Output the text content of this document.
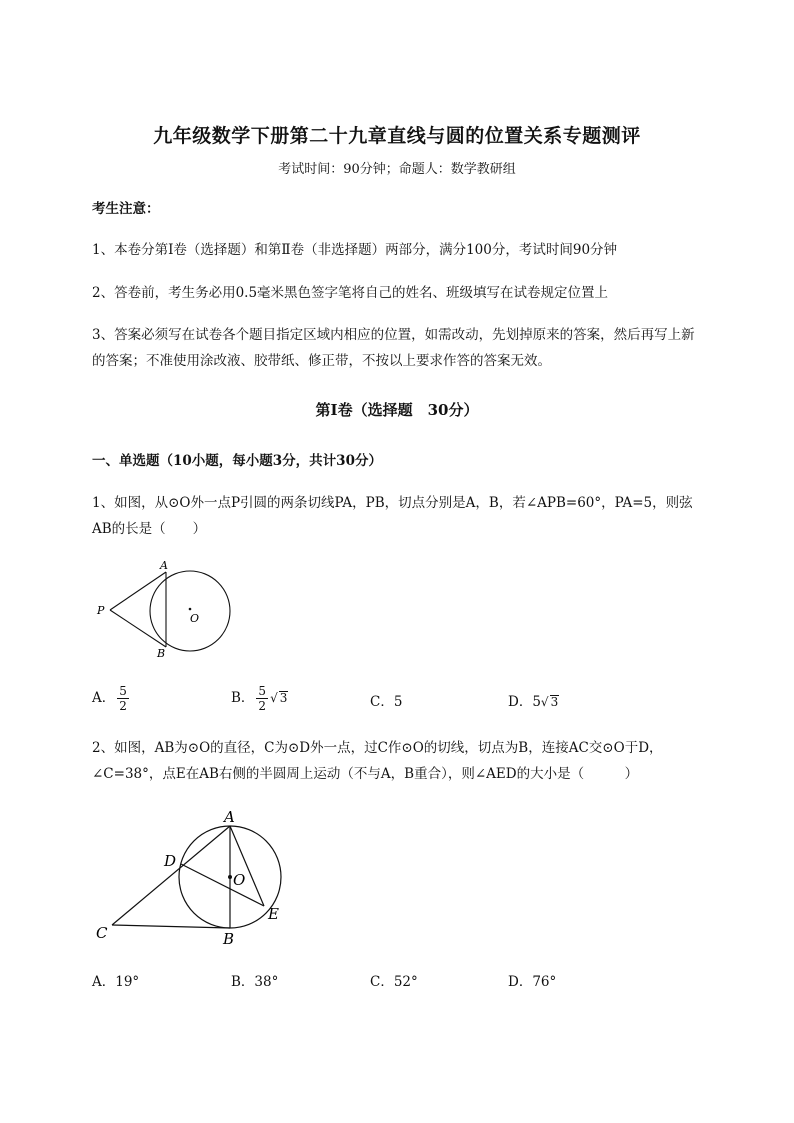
九年级数学下册第二十九章直线与圆的位置关系专题测评
考试时间：90分钟；命题人：数学教研组
考生注意：
1、本卷分第I卷（选择题）和第Ⅱ卷（非选择题）两部分，满分100分，考试时间90分钟
2、答卷前，考生务必用0.5毫米黑色签字笔将自己的姓名、班级填写在试卷规定位置上
3、答案必须写在试卷各个题目指定区域内相应的位置，如需改动，先划掉原来的答案，然后再写上新
的答案；不准使用涂改液、胶带纸、修正带，不按以上要求作答的答案无效。
第I卷（选择题　30分）
一、单选题（10小题，每小题3分，共计30分）
1、如图，从⊙O外一点P引圆的两条切线PA，PB，切点分别是A，B，若∠APB=60°，PA=5，则弦
AB的长是（　　）
A
B
P
O
A． $\frac{5}{2}$	B． $\frac{5}{2}$ √ 3	C．5	D．5√ 3
2、如图，AB为⊙O的直径，C为⊙D外一点，过C作⊙O的切线，切点为B，连接AC交⊙O于D，
∠C=38°，点E在AB右侧的半圆周上运动（不与A，B重合），则∠AED的大小是（　　　）
A
B
C
D
E
O
A．19°	B．38°	C．52°	D．76°
